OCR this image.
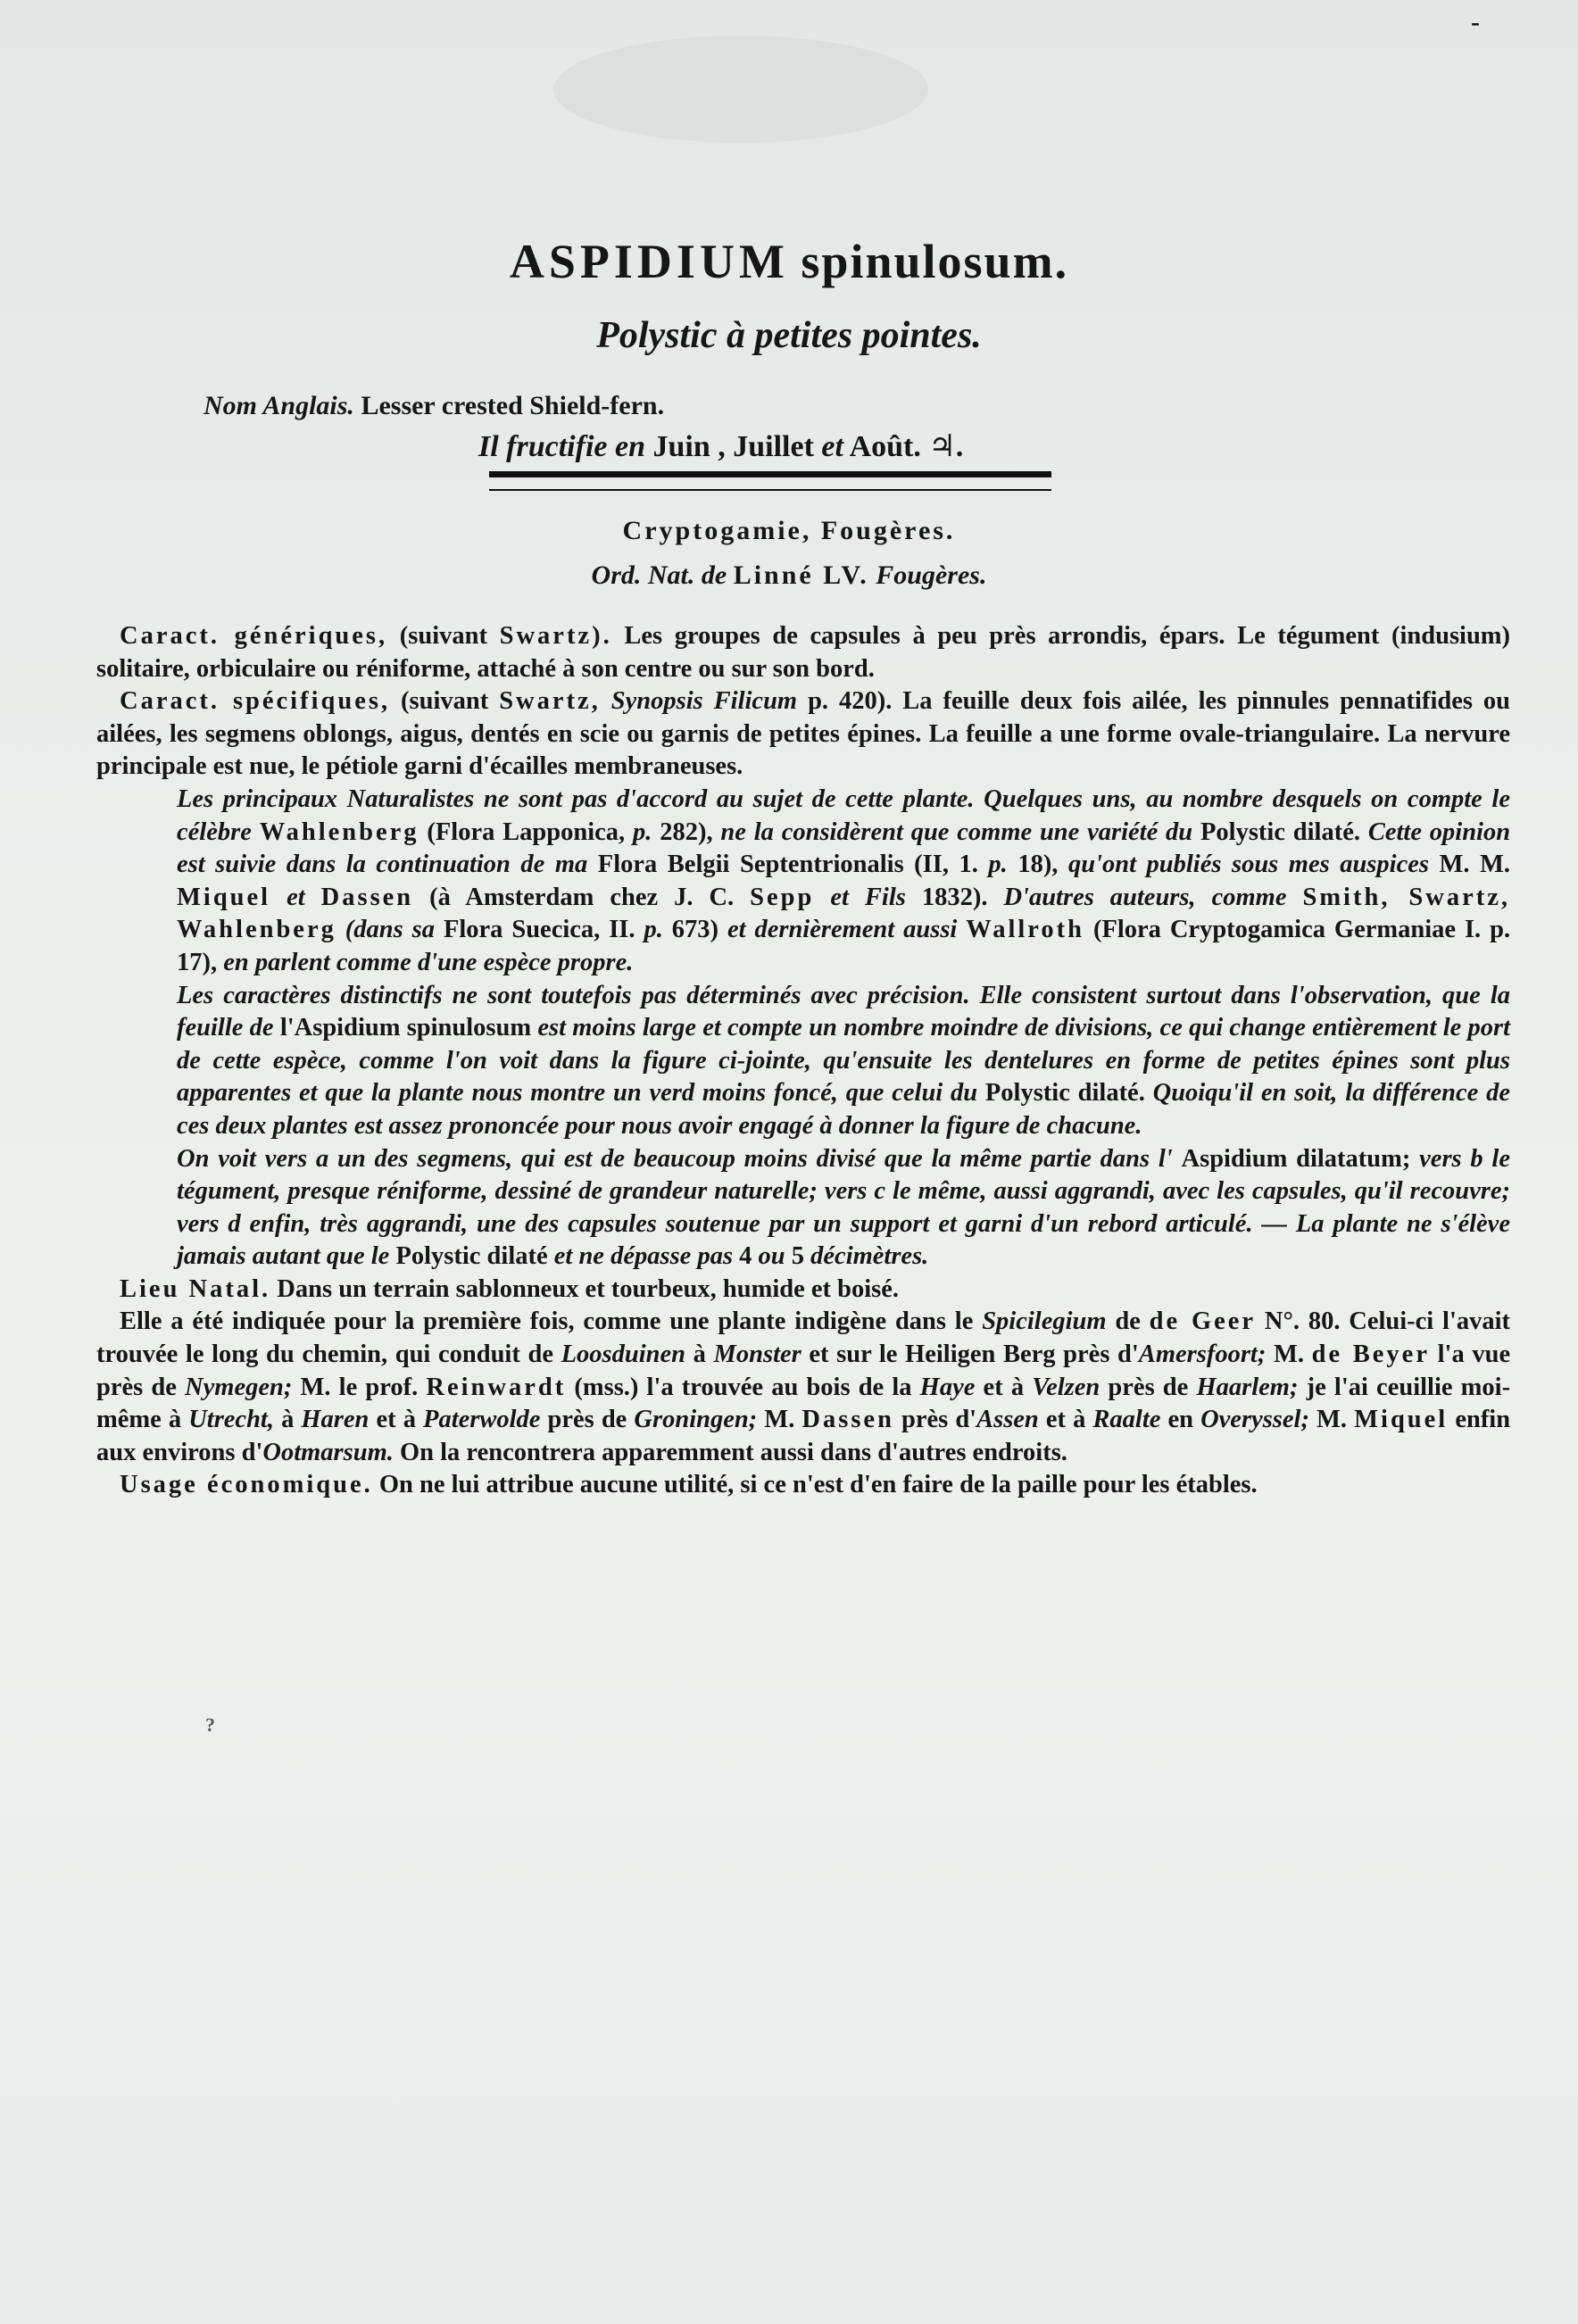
-
ASPIDIUM spinulosum.
Polystic à petites pointes.
Nom Anglais. Lesser crested Shield-fern.
Il fructifie en Juin , Juillet et Août. ♃.
Cryptogamie, Fougères.
Ord. Nat. de Linné LV. Fougères.

Caract. génériques, (suivant Swartz). Les groupes de capsules à peu près arrondis, épars. Le tégument (indusium) solitaire, orbiculaire ou réniforme, attaché à son centre ou sur son bord.

Caract. spécifiques, (suivant Swartz, Synopsis Filicum p. 420). La feuille deux fois ailée, les pinnules pennatifides ou ailées, les segmens oblongs, aigus, dentés en scie ou garnis de petites épines. La feuille a une forme ovale-triangulaire. La nervure principale est nue, le pétiole garni d'écailles membraneuses.

Les principaux Naturalistes ne sont pas d'accord au sujet de cette plante. Quelques uns, au nombre desquels on compte le célèbre Wahlenberg (Flora Lapponica, p. 282), ne la considèrent que comme une variété du Polystic dilaté. Cette opinion est suivie dans la continuation de ma Flora Belgii Septentrionalis (II, 1. p. 18), qu'ont publiés sous mes auspices M. M. Miquel et Dassen (à Amsterdam chez J. C. Sepp et Fils 1832). D'autres auteurs, comme Smith, Swartz, Wahlenberg (dans sa Flora Suecica, II. p. 673) et dernièrement aussi Wallroth (Flora Cryptogamica Germaniae I. p. 17), en parlent comme d'une espèce propre.

Les caractères distinctifs ne sont toutefois pas déterminés avec précision. Elle consistent surtout dans l'observation, que la feuille de l'Aspidium spinulosum est moins large et compte un nombre moindre de divisions, ce qui change entièrement le port de cette espèce, comme l'on voit dans la figure ci-jointe, qu'ensuite les dentelures en forme de petites épines sont plus apparentes et que la plante nous montre un verd moins foncé, que celui du Polystic dilaté. Quoiqu'il en soit, la différence de ces deux plantes est assez prononcée pour nous avoir engagé à donner la figure de chacune.

On voit vers a un des segmens, qui est de beaucoup moins divisé que la même partie dans l' Aspidium dilatatum; vers b le tégument, presque réniforme, dessiné de grandeur naturelle; vers c le même, aussi aggrandi, avec les capsules, qu'il recouvre; vers d enfin, très aggrandi, une des capsules soutenue par un support et garni d'un rebord articulé. — La plante ne s'élève jamais autant que le Polystic dilaté et ne dépasse pas 4 ou 5 décimètres.

Lieu Natal. Dans un terrain sablonneux et tourbeux, humide et boisé.

Elle a été indiquée pour la première fois, comme une plante indigène dans le Spicilegium de de Geer N°. 80. Celui-ci l'avait trouvée le long du chemin, qui conduit de Loosduinen à Monster et sur le Heiligen Berg près d'Amersfoort; M. de Beyer l'a vue près de Nymegen; M. le prof. Reinwardt (mss.) l'a trouvée au bois de la Haye et à Velzen près de Haarlem; je l'ai ceuillie moi-même à Utrecht, à Haren et à Paterwolde près de Groningen; M. Dassen près d'Assen et à Raalte en Overyssel; M. Miquel enfin aux environs d'Ootmarsum. On la rencontrera apparemment aussi dans d'autres endroits.

Usage économique. On ne lui attribue aucune utilité, si ce n'est d'en faire de la paille pour les étables.

?
